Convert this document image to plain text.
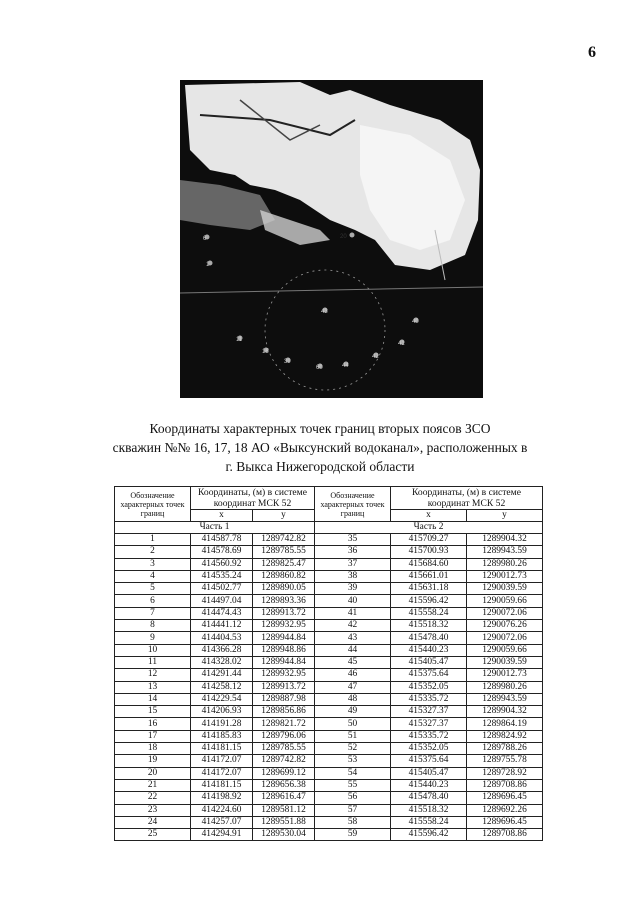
6
6
1
20
11
16
39
60	44
42
41
40
43
Координаты характерных точек границ вторых поясов ЗСО
скважин №№ 16, 17, 18 АО «Выксунский водоканал», расположенных в
г. Выкса Нижегородской области
Обозначение характерных точек границ	Координаты, (м) в системе координат МСК 52		Обозначение характерных точек границ	Координаты, (м) в системе координат МСК 52	
	x	у		x	у
Часть 1			Часть 2		
1	414587.78	1289742.82	35	415709.27	1289904.32
2	414578.69	1289785.55	36	415700.93	1289943.59
3	414560.92	1289825.47	37	415684.60	1289980.26
4	414535.24	1289860.82	38	415661.01	1290012.73
5	414502.77	1289890.05	39	415631.18	1290039.59
6	414497.04	1289893.36	40	415596.42	1290059.66
7	414474.43	1289913.72	41	415558.24	1290072.06
8	414441.12	1289932.95	42	415518.32	1290076.26
9	414404.53	1289944.84	43	415478.40	1290072.06
10	414366.28	1289948.86	44	415440.23	1290059.66
11	414328.02	1289944.84	45	415405.47	1290039.59
12	414291.44	1289932.95	46	415375.64	1290012.73
13	414258.12	1289913.72	47	415352.05	1289980.26
14	414229.54	1289887.98	48	415335.72	1289943.59
15	414206.93	1289856.86	49	415327.37	1289904.32
16	414191.28	1289821.72	50	415327.37	1289864.19
17	414185.83	1289796.06	51	415335.72	1289824.92
18	414181.15	1289785.55	52	415352.05	1289788.26
19	414172.07	1289742.82	53	415375.64	1289755.78
20	414172.07	1289699.12	54	415405.47	1289728.92
21	414181.15	1289656.38	55	415440.23	1289708.86
22	414198.92	1289616.47	56	415478.40	1289696.45
23	414224.60	1289581.12	57	415518.32	1289692.26
24	414257.07	1289551.88	58	415558.24	1289696.45
25	414294.91	1289530.04	59	415596.42	1289708.86
